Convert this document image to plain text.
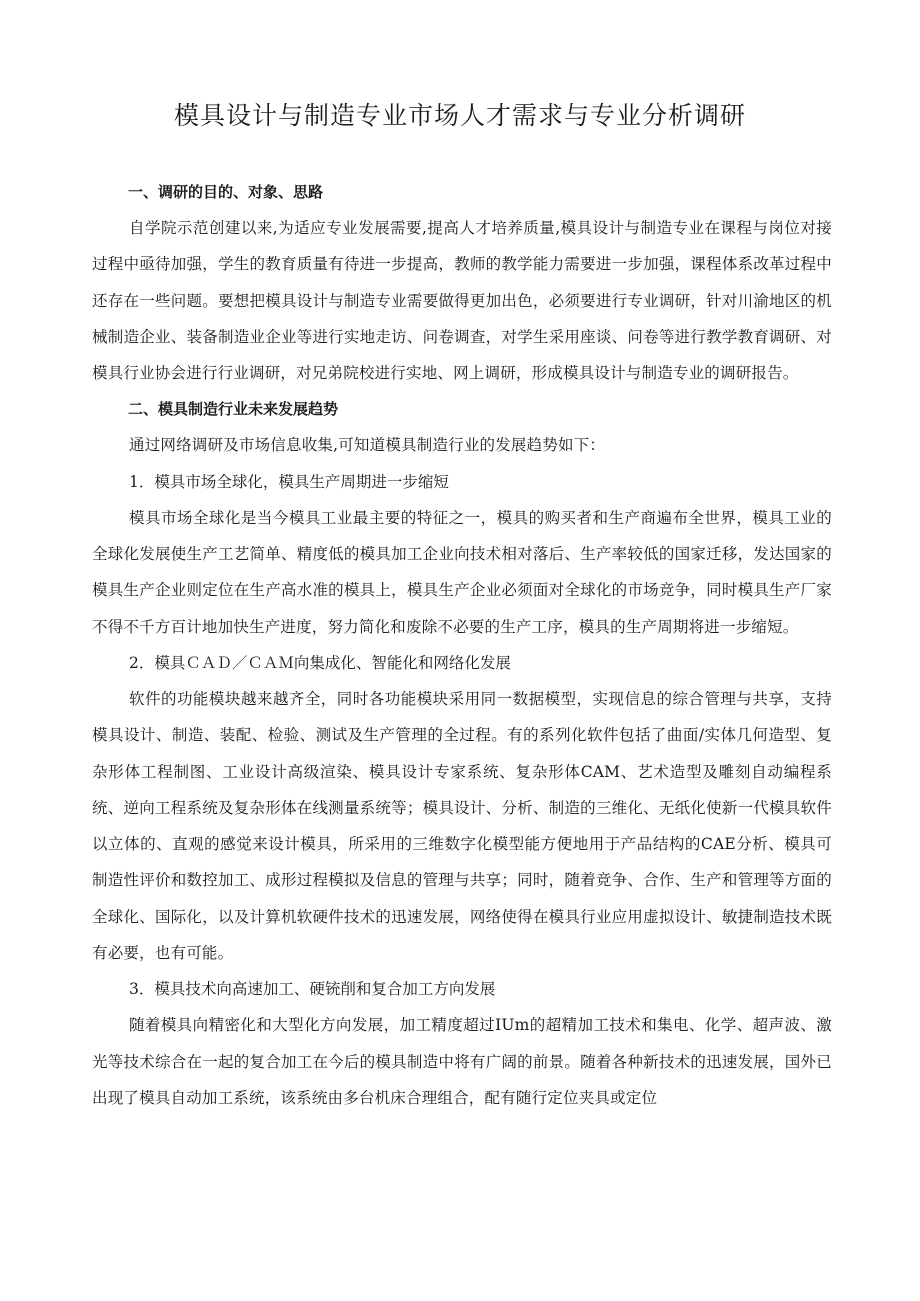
模具设计与制造专业市场人才需求与专业分析调研

一、调研的目的、对象、思路

自学院示范创建以来,为适应专业发展需要,提高人才培养质量,模具设计与制造专业在课程与岗位对接过程中亟待加强，学生的教育质量有待进一步提高，教师的教学能力需要进一步加强，课程体系改革过程中还存在一些问题。要想把模具设计与制造专业需要做得更加出色，必须要进行专业调研，针对川渝地区的机械制造企业、装备制造业企业等进行实地走访、问卷调查，对学生采用座谈、问卷等进行教学教育调研、对模具行业协会进行行业调研，对兄弟院校进行实地、网上调研，形成模具设计与制造专业的调研报告。

二、模具制造行业未来发展趋势

通过网络调研及市场信息收集,可知道模具制造行业的发展趋势如下：

1．模具市场全球化，模具生产周期进一步缩短

模具市场全球化是当今模具工业最主要的特征之一，模具的购买者和生产商遍布全世界，模具工业的全球化发展使生产工艺简单、精度低的模具加工企业向技术相对落后、生产率较低的国家迁移，发达国家的模具生产企业则定位在生产高水准的模具上，模具生产企业必须面对全球化的市场竞争，同时模具生产厂家不得不千方百计地加快生产进度，努力简化和废除不必要的生产工序，模具的生产周期将进一步缩短。

2．模具ＣＡＤ／ＣＡＭ向集成化、智能化和网络化发展

软件的功能模块越来越齐全，同时各功能模块采用同一数据模型，实现信息的综合管理与共享，支持模具设计、制造、装配、检验、测试及生产管理的全过程。有的系列化软件包括了曲面/实体几何造型、复杂形体工程制图、工业设计高级渲染、模具设计专家系统、复杂形体CAM、艺术造型及雕刻自动编程系统、逆向工程系统及复杂形体在线测量系统等；模具设计、分析、制造的三维化、无纸化使新一代模具软件以立体的、直观的感觉来设计模具，所采用的三维数字化模型能方便地用于产品结构的CAE分析、模具可制造性评价和数控加工、成形过程模拟及信息的管理与共享；同时，随着竞争、合作、生产和管理等方面的全球化、国际化，以及计算机软硬件技术的迅速发展，网络使得在模具行业应用虚拟设计、敏捷制造技术既有必要，也有可能。

3．模具技术向高速加工、硬铳削和复合加工方向发展

随着模具向精密化和大型化方向发展，加工精度超过IUm的超精加工技术和集电、化学、超声波、激光等技术综合在一起的复合加工在今后的模具制造中将有广阔的前景。随着各种新技术的迅速发展，国外已出现了模具自动加工系统，该系统由多台机床合理组合，配有随行定位夹具或定位
